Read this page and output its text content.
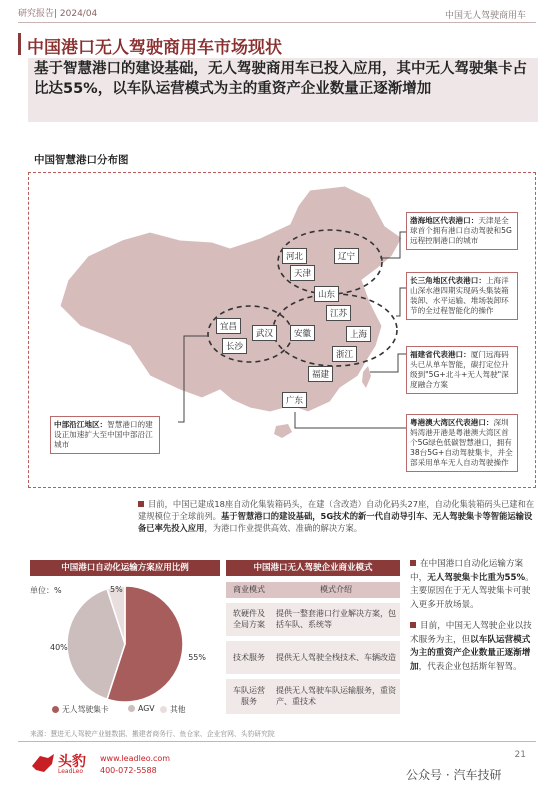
研究报告| 2024/04	中国无人驾驶商用车
中国港口无人驾驶商用车市场现状
基于智慧港口的建设基础，无人驾驶商用车已投入应用，其中无人驾驶集卡占比达55%，以车队运营模式为主的重资产企业数量正逐渐增加
中国智慧港口分布图
河北	辽宁
天津
山东
江苏
宜昌
武汉	安徽	上海
长沙
浙江
福建
广东
渤海地区代表港口：天津是全球首个拥有港口自动驾驶和5G远程控制港口的城市
长三角地区代表港口：上海洋山深水港四期实现码头集装箱装卸、水平运输、堆场装卸环节的全过程智能化的操作
福建省代表港口：厦门远海码头已从单车智能，碳打定位升级到"5G+北斗+无人驾驶"深度融合方案
粤港澳大湾区代表港口：深圳妈湾港开港是粤港澳大湾区首个5G绿色低碳智慧港口，拥有38台5G+自动驾驶集卡，并全部采用单车无人自动驾驶操作
中部沿江地区：智慧港口的建设正加速扩大至中国中部沿江城市
目前，中国已建成18座自动化集装箱码头，在建（含改造）自动化码头27座，自动化集装箱码头已建和在建规模位于全球前列。基于智慧港口的建设基础，5G技术的新一代自动导引车、无人驾驶集卡等智能运输设备已率先投入应用，为港口作业提供高效、准确的解决方案。
中国港口自动化运输方案应用比例
单位：%
55%
40%
5%
无人驾驶集卡	AGV	其他
中国港口无人驾驶企业商业模式
商业模式	模式介绍
软硬件及全局方案	提供一整套港口行业解决方案，包括车队、系统等
技术服务	提供无人驾驶全栈技术、车辆改造
车队运营服务	提供无人驾驶车队运输服务，重资产、重技术
在中国港口自动化运输方案中，无人驾驶集卡比重为55%。主要原因在于无人驾驶集卡可驶入更多开放场景。
目前，中国无人驾驶企业以技术服务为主，但以车队运营模式为主的重资产企业数量正逐渐增加，代表企业包括斯年智驾。
来源：慧进无人驾驶产业链数据、搬建者商务行、鱼仓家、企业官网、头豹研究院
头豹
LeadLeo
www.leadleo.com
400-072-5588
21
公众号 · 汽车技研
